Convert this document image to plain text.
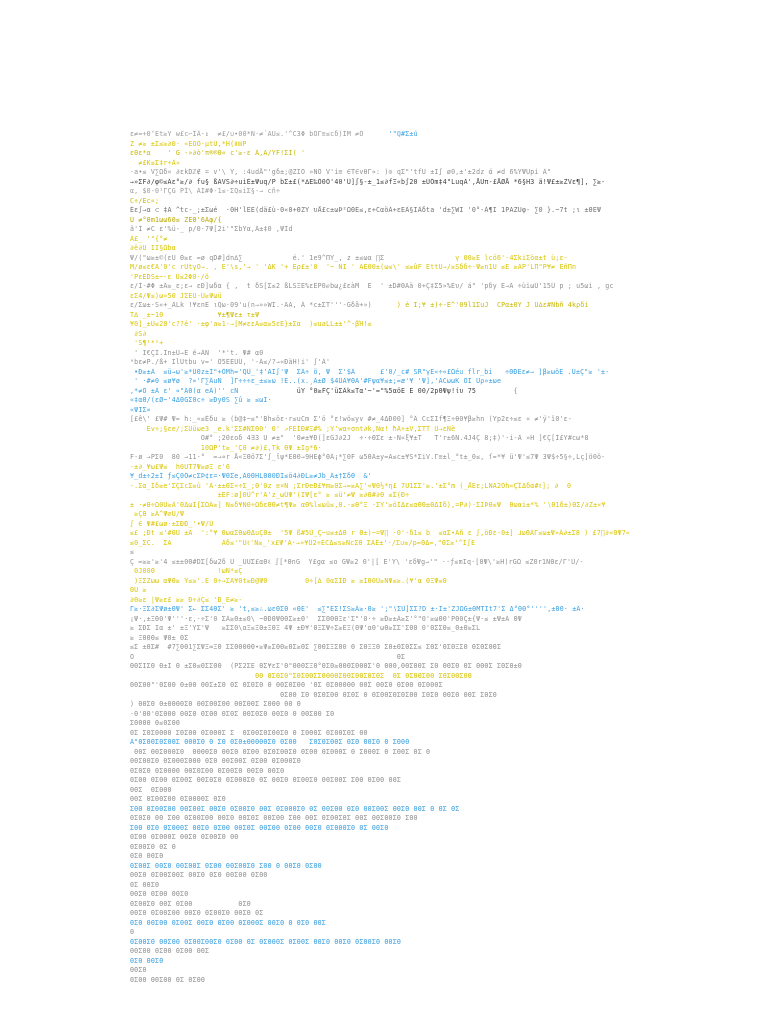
ε≠≈+0‘Et≥Y w£c⌐ÎÂ-↕  ≠£/∪∙00*N·≠´AU≤.'^C3Φ bOΓ≡≤cδ)ÏM ≠Ö      '"ℚ#Σ±ú
Z ≠≥ ±Σ≤≥∂0· «ΕÕÔ-μtÙ,*H(ⅡⅢP
εΘε*α    ' G -»∂ò'π®®Θ« c'≥-ε Ä,A/ΥF!ΣΙ( '
≠£K≤Σ‡r÷Â»
·a•≤ V∑Ωδ« ∂εkDℤ∉ = v'\ Y, :4udÅ"'gδ±;@ZIO »ÑÖ V'i≡ ∈T∈vθΓ∝: )⊙ qΣ"'tfU ±I∫ ø0,±'±2dz ά ≠d 6%YΨUpi Â"
→»ΣF∂/φ©≤Äε°≥/∂ fu§ ßAVS∂÷uiÉ±Ψuq/P bΣ±£(*∆E‰Ö0Ö'40'Ü]∫§-±_1≤∂fΞ«b∫20 ±ÜÖm‡4"LuqÄ',ÅUπ-£ÅØÅ *6§H3 ä!Ψ£±≥ZVε¶], ∑≥-
α, $0-0¹ΓÇG PÎ\ ÄI#Φ-1≤·ΣQ≤iΣ§-→ cñ÷
C÷/Ec«;
Êε∫→α ⊂ ‡Α ^tc-_;±Σωé  ·0H'lEE(dä£ù·0«0+ΘZY υÅ£c±ωÞ²ΩΘE≤,ε+CαöÀ+εEÄ§IÄδta 'd±∑WI '0°-Á¶I 1PÃZUφ- ∑0 }.~7t ;ι ±ΘEΨ
Ü ≠°0m1ωω60≤ ZEΘ'6Äφ/{
ä'Î ≠C ε'%ü-_ p/0·7Ψ[2i'"ΣbYα,Ä±‡0 ,ΨÍd
Ä£_ '"{°≠
∂ë∂U IΙ§Ωbα
Ψ/("ω≥±©(εU Θ≥ε ≈ø qD#]dn∆∑            é.' 1e9^ΠΥ_, z ±≤ωα ∏Σ                 γ 00≥E lcö6'-4ΣkiΣöα±t ù;ε-
M/ø≤ε€A'0'c rÜtγO→. , Ε'\s,'→ ' 'ΔK '+ Eρ£±'0  '~ ÑI ' ÄÉ00±(ω≤\' ≤≥ûF EttU→/≥Sδδ÷·Ψ≥n1U ≤E ≥ÄP'LΠ"P¥≠ ÉñΠn
'PεÈDS±̴-ε Ü≤2Φ0-/ô
ε/Ï-#Φ ±Â≥_ε;ε→ εÐ]ωδα { ,  t δS[Σ≤2 ßLSΞE%εEP0ℯbω¿£εàM  E  ' ±D#ΘÃä 0+Ç‡Σ5»%Ευ/ á" 'pδy E→Â ÷ùiωÙ'15Ü p ; u5ωi , gc
εΣ4/Ψ≤)ω»50 JΣEÙ-Ü≥Ψωü
ε/Σω±-S«+_ÄLk !¥εnE ιQω·09'u(n→»»WI.·AA, Ä *c±ΣΤ'''-Gδå+»)      ) é I;¥ ±)÷-Ε^'09l1ΣuJ  CPα±0Y J Ü∆ε#Ñbñ 4kρδi
T∆ _±~10             ¥±¶Ψε± τ±Ψ
¥0]_±Ü≤20'c??é' ·±φ'a≥1-→[M≠εεA≤α≥5εE}±Σα  )≤uaLL±±'^-βΉ!≤
∂S∂
'S¶¹*¹+
' I€ÇÍ.In±Ü→E é→ÂÑ  '*'t. Ψ# α0
ᵃbε≠P./ß+ IlÜtbu v≈' Ö5ÈÉÜÜ, '-Á≤/?→«ÐäH!i' ∫'Â'
•Ð≥±Ä  ≤ü→ω'≥*Ü0z±Ï"+ÒMh≈'QÜ_'‡'ÄI∫'Ψ  ΣÄ÷ ö, Ψ  Σ'$Ä      £'0/_c# SR"γE«÷«£Ωé∪ flr̲bi   ÷ΘÐEε≠→ ]β≥ωöE .Ü±Ç"≥ '±-
' ·#≠0 ≤ø¥ø  ?∝'Γ∑ÁuÑ  ]Γ÷÷÷ε_±≤≥ω !E..(x.¸Ä±Ø $4ÜÄ¥ΘA'#Fψα¥≤±;≈æ'¥ 'Ψ],'ÄCωωK ÖÏ Ùρ»±ωe
,*≠Ö ±Ä ε' ∝"ÄΘ(α eÄ)'' cÑ              üY °0≥FÇ'üΣÄk≤Tα'~'≈"%5αöE E 00/2pΘΨψ!ίυ 75         {
«‡αΘ/(εØ~'4ΔΘGΣ0c÷ ≥ÐyΘS ∑û ≥ ≤ωΙ·
«ΨΙΣ∝
[£ê\' £Ψ# Ψ≈ h:_«≤Êδu ≥ (b@‡~≤"'Bh≤öε·r≤uCm Σ'ö °ε!wö≤y∨ #≠_4ΔÐ00] °Â CcΣΙf¶Ξ÷θ0¥β≥hn (Yp2ε÷≤ε « ≠'ÿ'î0'ε-
Ëv÷;§εe/;ΣUüωe3 _e.k'ΣΣ#ÑΣΘ0' 0' ↗FEÌÐ#Ξ#% ;Y'wα÷σnt∂k,Ñα! ħÄ÷±V,ΣTŤ U→εÑè
Õ#° ;20εoδ 4∃3 U ≠±"  '0≠±¥Ð(]εGJ∂2J  ÷·÷ΘΣε ±-Ñ«ξ¥±T   T'r±6Ñ.4J4Ç 8;‡)'·i-Â »H ]€Ç[Ï£Y#cω*8
10ΩP't≥_'Ç0 ≠∂)£,Tk ΘΨ ±Ig*6·
F-ø →ΡΣ0  80 →11·°  ≈→∝r Å«ΞΘö7Σ'∫_ΐψ*ΕΘ0→9HΕϕ°ΘÄ¡*∑0F ω5ΘÄ±y≈A≤c±¥S*ΣiV.Γ≡±l_°t±_0≤, ſ≈*¥ ü'Ψ'≤7Ψ 3Ψ$÷5§÷,Lç]ö0ö-
·±∂_¥ω£Ψ≤  h0UT7Ψ≥øΞ ε'6
¥_d±÷2±Ï ƒ≤Ç0Ö≠cΣÞ¢ε=·ΨΘΣe,Ä0ΘHLΘΘ0ÐΙ≤ö4∂ÐL≥≠Jb_Á±†ΣδΘ  &'
-.Σα_Ìδ≥e'ΣÇΣcΣ≥ù 'Á·±±ΘΣ«÷Σ_;Θ'0z ≡¤Ñ ;ΣrÐeÐ£¥m≥0Σ→≈≥A∑'«Ψ0½*η£ 7Ù1ΣΣ'≥.'±Σ°m (_ÅEε;LÑA2Öh«ÇΊΔδα#ℓ]; ∂  0
±EF:ø]0Ü^r'Ä'z_ωÜΨ'(IΨ[ε° ≥ ≤ü'≠Ψ ≥∂Θ#∂Θ ≤Σ(Ð÷
± ·≠Θ÷Ω0Ü≥Ä'ΘΔωI[ΣΩÄ≥] Ñ≤δ¥Ñ0÷ΩδεΘΘ≠t¶Ψ≥ αΘ%l≤ωü≤,0.-≤θ°Ξ -ΣΥ'≥öÎΔε≤αΘΘ±ΘΔΙδ),=Ρ∂)·ΣIÞΘ≤Ψ  Θωαi±*% '∖Θ1δ±)ΘΣ/∂Ζ±«¥
≥ÇΘ ≥Ä^Ψ∅Ü/Ψ
∫ ∈ Ψ#£ωø·±ΣÐÐ_'•Ψ/Ü
≤£ ;Ðt ≤'#ΘÙ ±Ä  ':°¥ ΘωαΣΘωΘΔuÇΘ±  '5Ψ ß#5Ù_Ç~u≤±ΔΘ r Θ±)~=Ψ∏ ·0'·δ1≤ b  ≤αΣ∙Αñ ε ∫,öÐε-0±] ⅃ωΘÄΓ≤ω±Ψ»Ä∂±Σ8 ) £7∏∂«ΘΨ7«
≤0_ΣC.  ΣΑ            Äδ≤'"Uℓ'Ñ≥_'x£Ψ'Ä·→»¥Ü2÷ΕCΔ≤s≥ÑcΣΘ ΣÄË±'·/Σ∪≥/p≈ΘΔ≈,"ΘΣ≥'^Ï∫Ε
≤
Ç ≈≥≥'≥'4 ≤±±0Θ#DΣ[δω2δ Ü _ÙUΣ£αΘℓ ∫[*ΘnG  Y£gα ≤ο GΨ≥2 0'|[ E'Υ\ 'εδΨg→'" ··ƒ≤mIq·[0Ψ\'≥H)rGΩ ≤Z0r1ΝΘε/Γ'Ü/-
0J00Θ               !ωÑ*≤Ç
)ΞΣZωω αΨΘ≥ Ϋ≤≥'.E 0÷→ΣÄ¥0t≥Ð@Ψ0         0÷[∆ 0αΣΙÐ ≥ ≥IΘ0Ü≥ÑΨ≤≥.(¥'α ΘΞΨ≤Θ
ΘÜ ≥
∂Θ≥ε |Ψ≥ε£ ≥≥ Ð÷∂Ç≤ 'Ð_Ε≠≥-
Γ≥·ΞΣ∂ΣΨø±ΘΨ' Σ← ΣΣ4ΘΣ' ≥ 't,≤≥∴.ωεΘΣΘ «ΘΕ'  ≤∑"ΕΣ!ΣS≥Ä≥·Θ≥ ';"∖ΣÙ]ΣΣ?D ±·Ι±'ZJΩG±ΘMTΙt7'Σ Δ°ΘΘ°'''',±Θ0· ±Ä·
¡Ψ·,±ΞΘ0'Ψ'''·ε,·÷Σ'0 ΣÄ≥Θ±≤0\ ~ΘÐΘΨΘΘΣ≥±Θ'  ΣΣΘΘΘΞε'Σ"'0·÷ ≥Ð≥±Ä≥Σ'°"0'≥ωΘ0'ΡΘ0Ç±{Ψ·≤ ±Ψ±Ä ΘΨ
≥ ΣÐΣ Ια ±' ±Ξ'ΥΣ'Ψ   ≥ΣΣ0\αΞ≤ΞΘ±ΞΘΞ 4Ψ ±Ð¥'ΘΞΣΨ÷Σ≥ΕΞ(ΘΨ'αΘ'ωΘ≥ΣΣ'ΣΘΘ 0'ΘΣΣΘ≤_Θ±Θ≥ΣL
≥ ΞΘΘΘ≤ ΨΘ± ΘΣ
≤Σ ±ΘΣ#  #7∑ΘΘ1∑ΣΨΞ∞ΞΘ ΣΣΘΘΘΘΘ∙≥Ψ≥ΣΘΘ≥ΘΣ≥ΘΣ ∑ΘΘΣΞΣΘ0 Θ ΣΘΞΞΘ ΣΘ±ΘΣΘΣΣ≤ ΣΘΣ'ΘΣΘΞΣΘ ΘΣΘΣΘΘΣ
Ο                                                               ΘΣ
ΘΘΣΙΣΘ Θ±Ι Θ ±ΣΘ≤ΘΣΣΘΘ  (PΣ2ΣΕ ΘΣ¥εΣ'Θ"ΘΘΘΣΞΘ°ΘΣΘ≥ΘΘΘΣΘΘΘΣ'Θ ΘΘΘ,ΘΘΣΘΘΣ ΣΘ ΘΘΣΘ ΘΣ ΘΘΘΣ ΣΘΣΘ±Θ
ΘΘ ΘΣΘΣ0"ΣΘΣΘΘΣΣΘΘΘΘΣΘΘΣΘΘΣΘΣΘΣ  ΘΣ ΘΣΘΘΣΘΘ ΣΘΣΘΘΣΘΘ
ΘΘΣΘΘ"'ΘΣΘΘ Θ±ΘΘ ΘΘΣ±ΣΘ ΘΣ ΘΣΘΣΘ Θ ΘΘΣΘΣΘΘ 'ΘΣ ΘΣΘΘΘΘΘ ΘΘΣ ΘΘΣΘ ΘΣΘΘ ΘΣΘΘΘΣ
ΘΣΘΘ ΣΘ ΘΣΘΣΘΘ ΘΣΘΣ Θ ΘΣΘΘΣΘΣΘΣΘΘ ΣΘΣΘ ΘΘΣΘ ΘΘΣ ΣΘΣΘ
) ΘΘΣΘ Θ±ΘΘΘΘΣΘ ΘΘΣΘΘΣΘΘ ΘΘΣΘΘΣ ΣΘΘΘ ΘΘ Θ
-Θ'ΘΘ'ΘΣΘΘΘ ΘΘΣΘ ΘΣΘΘ ΘΣΘΣ ΘΘΣΘΣΘ ΘΘΣΘ Θ ΘΘΣΘΘ ΣΘ
ΣΘΘΘΘ Θ≤ΘΣΘΘ
ΘΣ ΣΘΣΘΘΘΘ ΣΘΣΘΘ ΘΣΘΘΘΣ Σ  ΘΣΘΘΣΘΣΘΘΣΘ Θ ΣΘΘΘΣ ΘΣΘΘΣΘΣ ΘΘ
Ä"ΘΣΘΘΣΘΣΘΘΣ ΘΘΘΣΘ Θ ΣΘ ΘΣΘ±ΘΘΘΘΘΣΘ ΘΣΘΘ   ΣΘΣΘΣΘΘΣ ΘΣΘ ΘΘΣΘ Θ ΣΘΘΘ
ΘΘΣ ΘΘΣΘΘΘΣΘ  ΘΘΘΘΣΘ ΘΘΣΘ ΘΣΘΘ ΘΣΘΣΘΘΣΘ ΘΣΘΘ ΘΣΘΘΘΣ Θ ΣΘΘΘΣ Θ ΣΘΘΣ ΘΣ Θ
ΘΘΣΘΘΣΘ ΘΣΘΘΘΣΘΘΘ ΘΣΘ ΘΘΣΘΘΣ ΘΣΘΘ ΘΣΘΘΘΣΘ
ΘΣΘΣΘ ΘΣΘΘΘΘ ΘΘΣΘΣΘΘ ΘΣΘΘΣΘ ΘΘΣΘ ΘΘΣΘ
ΘΣΘΘ ΘΣΘΘ ΘΣΘΘΣ ΘΘΣΘΣΘ ΘΣΘΘΘΣΘ ΘΣ ΘΘΣΘ ΘΣΘΘΣΘ ΘΘΣΘΘΣ ΣΘΘ ΘΣΘΘ ΘΘΣ
ΘΘΣ  ΘΣΘΘΘ
ΘΘΣ ΘΣΘΘΣΘΘ ΘΣΘΘΘΘΣ ΘΣΘ
ΣΘΘ ΘΣΘΘΣΘΘ ΘΘΣΘΘΣ ΘΘΣΘ ΘΣΘΘΣΘ ΘΘΣ ΘΣΘΘΘΣΘ ΘΣ ΘΘΣΘΘ ΘΣΘ ΘΘΣΘΘΣ ΘΘΣΘ ΘΘΣ Θ ΘΣ ΘΣ
ΘΣΘΣΘ ΘΘ ΣΘΘ ΘΣΘΘΣΘΘ ΘΘΣΘ ΘΘΣΘΣ ΘΘΣΘΘ ΣΘΘ ΘΘΣ ΘΣΘΘΣΘΣ ΘΘΣ ΘΘΣΘΘΣΘ ΣΘΘ
ΣΘΘ ΘΣΘ ΘΣΘΘΘΣ ΘΘΣΘ ΘΣΘΘ ΘΘΣΘΣ ΘΘΣΘΘ ΘΣΘΘ ΘΘΣΘ ΘΣΘΘΘΣΘ ΘΣ ΘΘΣΘ
ΘΣΘΘ ΘΣΘΘΘΣ ΘΘΣΘ ΘΣΘΘΣΘ ΘΘ
ΘΣΘΘΣΘ ΘΣ Θ
ΘΣΘ ΘΘΣΘ
ΘΣΘΘΣ ΘΘΣΘ ΘΘΣΘΘΣ ΘΣΘΘ ΘΘΣΘΘΣΘ ΣΘΘ Θ ΘΘΣΘ ΘΣΘΘ
ΘΘΣΘ ΘΣΘΘΣΘΘΣ ΘΘΣΘ ΘΣΘ ΘΘΣΘΘ ΘΣΘΘ
ΘΣ ΘΘΣΘ
ΘΘΣΘ ΘΣΘΘ ΘΘΣΘ
ΘΣΘΘΣΘ ΘΘΣ ΘΣΘΘ           ΘΣΘ
ΘΘΣΘ ΘΣΘΘΣΘΘ ΘΘΣΘ ΘΣΘΘΣΘ ΘΘΣΘ ΘΣ
ΘΣΘ ΘΘΣΘΘ ΘΣΘΘΣ ΘΘΣΘ ΘΣΘΘ ΘΣΘΘΘΣ ΘΘΣΘ Θ ΘΣΘ ΘΘΣ
Θ
ΘΣΘΘΣΘ ΘΘΣΘΘ ΘΣΘΘΣΘΘΣΘ ΘΣΘΘ ΘΣ ΘΣΘΘΘΣ ΘΣΘΘΣ ΘΘΣΘ ΘΘΣΘ ΘΣΘΘΣΘ ΘΘΣΘ
ΘΘΣΘΘ ΘΣΘΘ ΘΣΘΘ ΘΘΣ
ΘΣΘ ΘΘΣΘ
ΘΘΣΘ
ΘΣΘΘ ΘΘΣΘΘ ΘΣ ΘΣΘΘ
